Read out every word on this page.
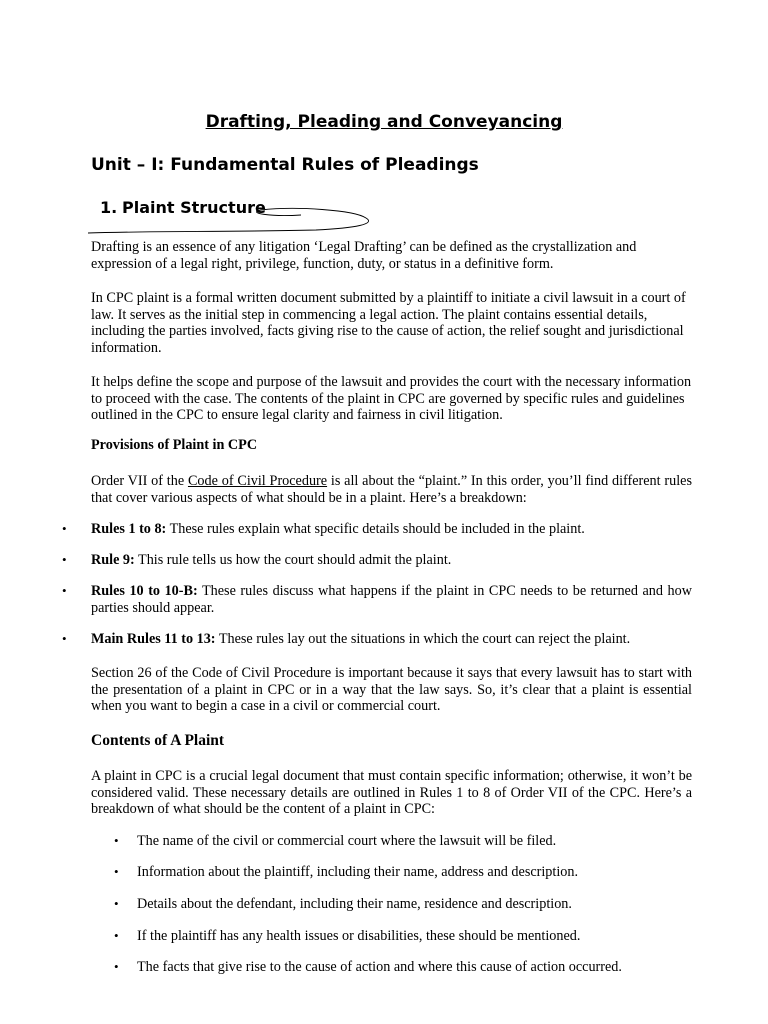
Drafting, Pleading and Conveyancing
Unit – I: Fundamental Rules of Pleadings
1. Plaint Structure

Drafting is an essence of any litigation ‘Legal Drafting’ can be defined as the crystallization and expression of a legal right, privilege, function, duty, or status in a definitive form.

In CPC plaint is a formal written document submitted by a plaintiff to initiate a civil lawsuit in a court of law. It serves as the initial step in commencing a legal action. The plaint contains essential details, including the parties involved, facts giving rise to the cause of action, the relief sought and jurisdictional information.

It helps define the scope and purpose of the lawsuit and provides the court with the necessary information to proceed with the case. The contents of the plaint in CPC are governed by specific rules and guidelines outlined in the CPC to ensure legal clarity and fairness in civil litigation.

Provisions of Plaint in CPC

Order VII of the Code of Civil Procedure is all about the “plaint.” In this order, you’ll find different rules that cover various aspects of what should be in a plaint. Here’s a breakdown:

• Rules 1 to 8: These rules explain what specific details should be included in the plaint.

• Rule 9: This rule tells us how the court should admit the plaint.

• Rules 10 to 10-B: These rules discuss what happens if the plaint in CPC needs to be returned and how parties should appear.

• Main Rules 11 to 13: These rules lay out the situations in which the court can reject the plaint.

Section 26 of the Code of Civil Procedure is important because it says that every lawsuit has to start with the presentation of a plaint in CPC or in a way that the law says. So, it’s clear that a plaint is essential when you want to begin a case in a civil or commercial court.

Contents of A Plaint

A plaint in CPC is a crucial legal document that must contain specific information; otherwise, it won’t be considered valid. These necessary details are outlined in Rules 1 to 8 of Order VII of the CPC. Here’s a breakdown of what should be the content of a plaint in CPC:

• The name of the civil or commercial court where the lawsuit will be filed.
• Information about the plaintiff, including their name, address and description.
• Details about the defendant, including their name, residence and description.
• If the plaintiff has any health issues or disabilities, these should be mentioned.
• The facts that give rise to the cause of action and where this cause of action occurred.
